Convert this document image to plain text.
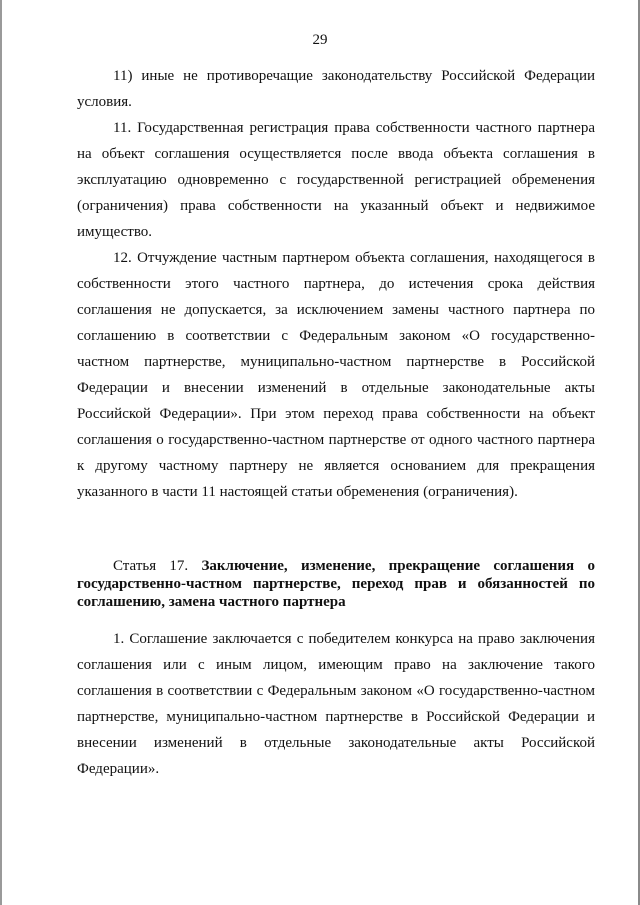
29

11) иные не противоречащие законодательству Российской Федерации условия.

11. Государственная регистрация права собственности частного партнера на объект соглашения осуществляется после ввода объекта соглашения в эксплуатацию одновременно с государственной регистрацией обременения (ограничения) права собственности на указанный объект и недвижимое имущество.

12. Отчуждение частным партнером объекта соглашения, находящегося в собственности этого частного партнера, до истечения срока действия соглашения не допускается, за исключением замены частного партнера по соглашению в соответствии с Федеральным законом «О государственно-частном партнерстве, муниципально-частном партнерстве в Российской Федерации и внесении изменений в отдельные законодательные акты Российской Федерации». При этом переход права собственности на объект соглашения о государственно-частном партнерстве от одного частного партнера к другому частному партнеру не является основанием для прекращения указанного в части 11 настоящей статьи обременения (ограничения).

Статья 17. Заключение, изменение, прекращение соглашения о государственно-частном партнерстве, переход прав и обязанностей по соглашению, замена частного партнера

1. Соглашение заключается с победителем конкурса на право заключения соглашения или с иным лицом, имеющим право на заключение такого соглашения в соответствии с Федеральным законом «О государственно-частном партнерстве, муниципально-частном партнерстве в Российской Федерации и внесении изменений в отдельные законодательные акты Российской Федерации».
